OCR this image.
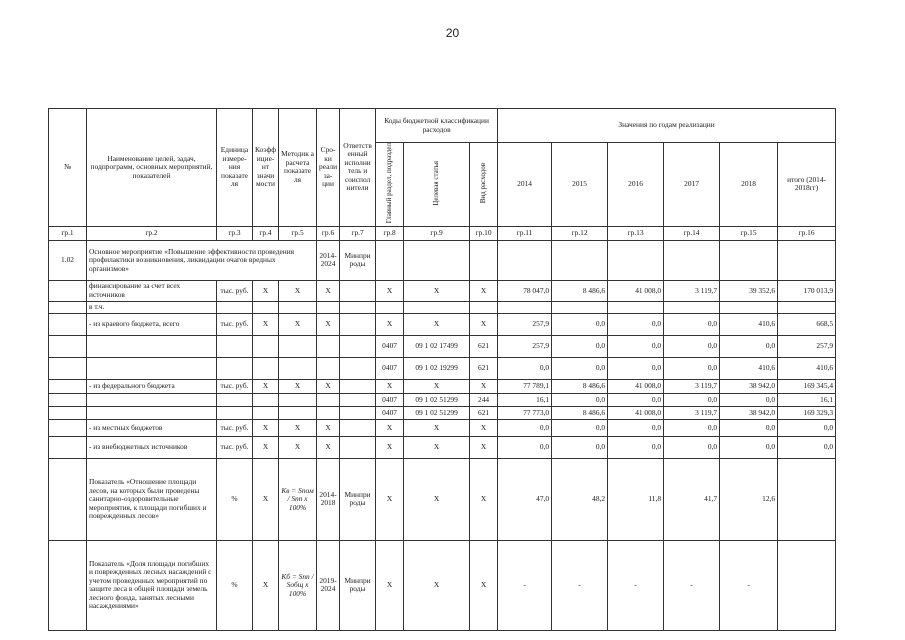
20
№	Наименование целей, задач, подпрограмм, основных мероприятий, показателей	Единица измере-ния показате ля	Коэфф ицие-нт значи мости	Методик а расчета показате ля	Сро-ки реали за-ции	Ответств енный исполни тель и соиспол нители	Коды бюджетной классификации расходов			Значения по годам реализации					
							Главный раздел, подраздел	Целевая статья	Вид расходов	2014	2015	2016	2017	2018	итого (2014-2018гг)
гр.1	гр.2	гр.3	гр.4	гр.5	гр.6	гр.7	гр.8	гр.9	гр.10	гр.11	гр.12	гр.13	гр.14	гр.15	гр.16
1.02	Основное мероприятие «Повышение эффективности проведения профилактики возникновения, ликвидации очагов вредных организмов»				2014-2024	Минпри роды									
	финансирование за счет всех источников	тыс. руб.	X	X	X		X	X	X	78 047,0	8 486,6	41 008,0	3 119,7	39 352,6	170 013,9
	в т.ч.														
	- из краевого бюджета, всего	тыс. руб.	X	X	X		X	X	X	257,9	0,0	0,0	0,0	410,6	668,5
							0407	09 1 02 17499	621	257,9	0,0	0,0	0,0	0,0	257,9
							0407	09 1 02 19299	621	0,0	0,0	0,0	0,0	410,6	410,6
	- из федерального бюджета	тыс. руб.	X	X	X		X	X	X	77 789,1	8 486,6	41 008,0	3 119,7	38 942,0	169 345,4
							0407	09 1 02 51299	244	16,1	0,0	0,0	0,0	0,0	16,1
							0407	09 1 02 51299	621	77 773,0	8 486,6	41 008,0	3 119,7	38 942,0	169 329,3
	- из местных бюджетов	тыс. руб.	X	X	X		X	X	X	0,0	0,0	0,0	0,0	0,0	0,0
	- из внебюджетных источников	тыс. руб.	X	X	X		X	X	X	0,0	0,0	0,0	0,0	0,0	0,0
	Показатель «Отношение площади лесов, на которых были проведены санитарно-оздоровительные мероприятия, к площади погибших и поврежденных лесов»	%	X	Кв = Sпом / Sпп x 100%	2014-2018	Минпри роды	X	X	X	47,0	48,2	11,8	41,7	12,6	
	Показатель «Доля площади погибших и поврежденных лесных насаждений с учетом проведенных мероприятий по защите леса в общей площади земель лесного фонда, занятых лесными насаждениями»	%	X	Кб = Sпп / Sобщ x 100%	2019-2024	Минпри роды	X	X	X	-	-	-	-	-	
